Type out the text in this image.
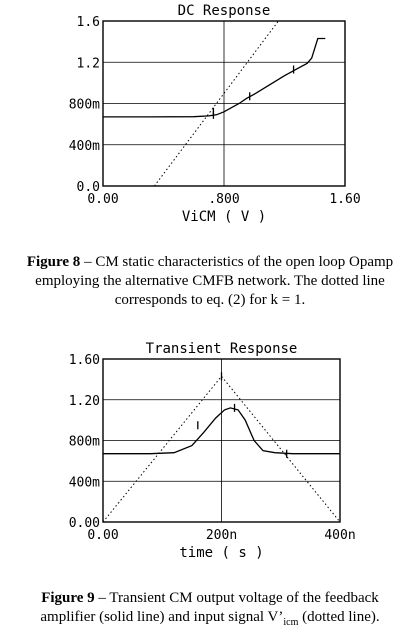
DC Response
0.0
400m
800m
1.2
1.6
0.00	.800	1.60
ViCM ( V )
Figure 8 – CM static characteristics of the open loop Opamp employing the alternative CMFB network. The dotted line corresponds to eq. (2) for k = 1.
Transient Response
0.00
400m
800m
1.20
1.60
0.00	200n	400n
time ( s )
Figure 9 – Transient CM output voltage of the feedback amplifier (solid line) and input signal $V’_{icm}$ (dotted line).
